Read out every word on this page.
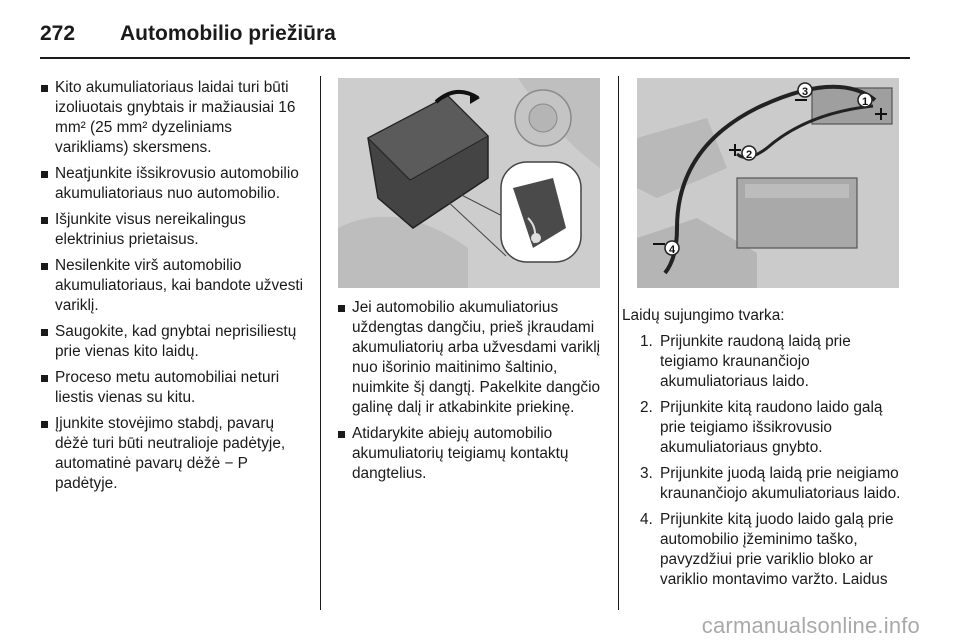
272	Automobilio priežiūra
Kito akumuliatoriaus laidai turi būti izoliuotais gnybtais ir mažiausiai 16 mm² (25 mm² dyzeliniams varikliams) skersmens.
Neatjunkite išsikrovusio automobilio akumuliatoriaus nuo automobilio.
Išjunkite visus nereikalingus elektrinius prietaisus.
Nesilenkite virš automobilio akumuliatoriaus, kai bandote užvesti variklį.
Saugokite, kad gnybtai neprisiliestų prie vienas kito laidų.
Proceso metu automobiliai neturi liestis vienas su kitu.
Įjunkite stovėjimo stabdį, pavarų dėžė turi būti neutralioje padėtyje, automatinė pavarų dėžė − P padėtyje.
Jei automobilio akumuliatorius uždengtas dangčiu, prieš įkraudami akumuliatorių arba užvesdami variklį nuo išorinio maitinimo šaltinio, nuimkite šį dangtį. Pakelkite dangčio galinę dalį ir atkabinkite priekinę.
Atidarykite abiejų automobilio akumuliatorių teigiamų kontaktų dangtelius.
1
2
3
4
Laidų sujungimo tvarka:
1. Prijunkite raudoną laidą prie teigiamo kraunančiojo akumuliatoriaus laido.
2. Prijunkite kitą raudono laido galą prie teigiamo išsikrovusio akumuliatoriaus gnybto.
3. Prijunkite juodą laidą prie neigiamo kraunančiojo akumuliatoriaus laido.
4. Prijunkite kitą juodo laido galą prie automobilio įžeminimo taško, pavyzdžiui prie variklio bloko ar variklio montavimo varžto. Laidus
carmanualsonline.info
